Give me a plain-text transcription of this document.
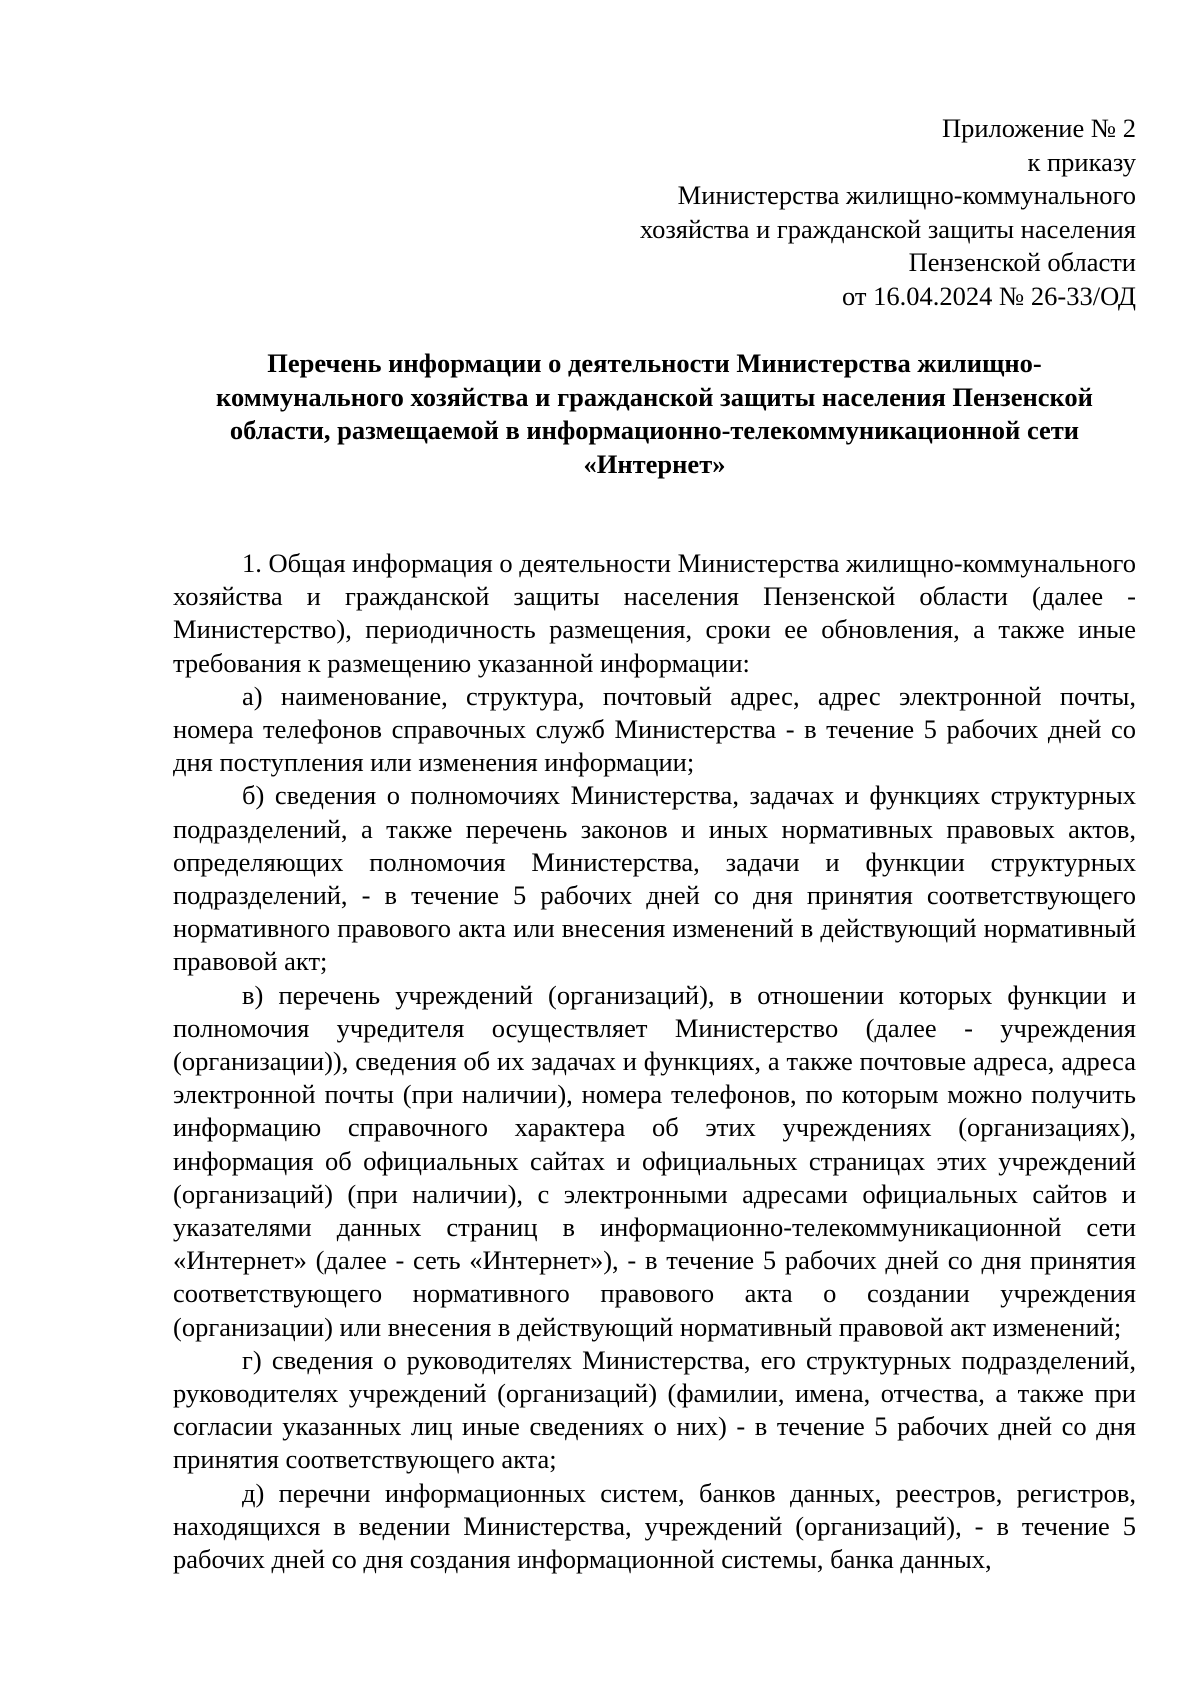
Приложение № 2
к приказу
Министерства жилищно-коммунального
хозяйства и гражданской защиты населения
Пензенской области
от 16.04.2024 № 26-33/ОД
Перечень информации о деятельности Министерства жилищно-
коммунального хозяйства и гражданской защиты населения Пензенской
области, размещаемой в информационно-телекоммуникационной сети
«Интернет»

1. Общая информация о деятельности Министерства жилищно-коммунального хозяйства и гражданской защиты населения Пензенской области (далее - Министерство), периодичность размещения, сроки ее обновления, а также иные требования к размещению указанной информации:

а) наименование, структура, почтовый адрес, адрес электронной почты, номера телефонов справочных служб Министерства - в течение 5 рабочих дней со дня поступления или изменения информации;

б) сведения о полномочиях Министерства, задачах и функциях структурных подразделений, а также перечень законов и иных нормативных правовых актов, определяющих полномочия Министерства, задачи и функции структурных подразделений, - в течение 5 рабочих дней со дня принятия соответствующего нормативного правового акта или внесения изменений в действующий нормативный правовой акт;

в) перечень учреждений (организаций), в отношении которых функции и полномочия учредителя осуществляет Министерство (далее - учреждения (организации)), сведения об их задачах и функциях, а также почтовые адреса, адреса электронной почты (при наличии), номера телефонов, по которым можно получить информацию справочного характера об этих учреждениях (организациях), информация об официальных сайтах и официальных страницах этих учреждений (организаций) (при наличии), с электронными адресами официальных сайтов и указателями данных страниц в информационно-телекоммуникационной сети «Интернет» (далее - сеть «Интернет»), - в течение 5 рабочих дней со дня принятия соответствующего нормативного правового акта о создании учреждения (организации) или внесения в действующий нормативный правовой акт изменений;

г) сведения о руководителях Министерства, его структурных подразделений, руководителях учреждений (организаций) (фамилии, имена, отчества, а также при согласии указанных лиц иные сведениях о них) - в течение 5 рабочих дней со дня принятия соответствующего акта;

д) перечни информационных систем, банков данных, реестров, регистров, находящихся в ведении Министерства, учреждений (организаций), - в течение 5 рабочих дней со дня создания информационной системы, банка данных,
